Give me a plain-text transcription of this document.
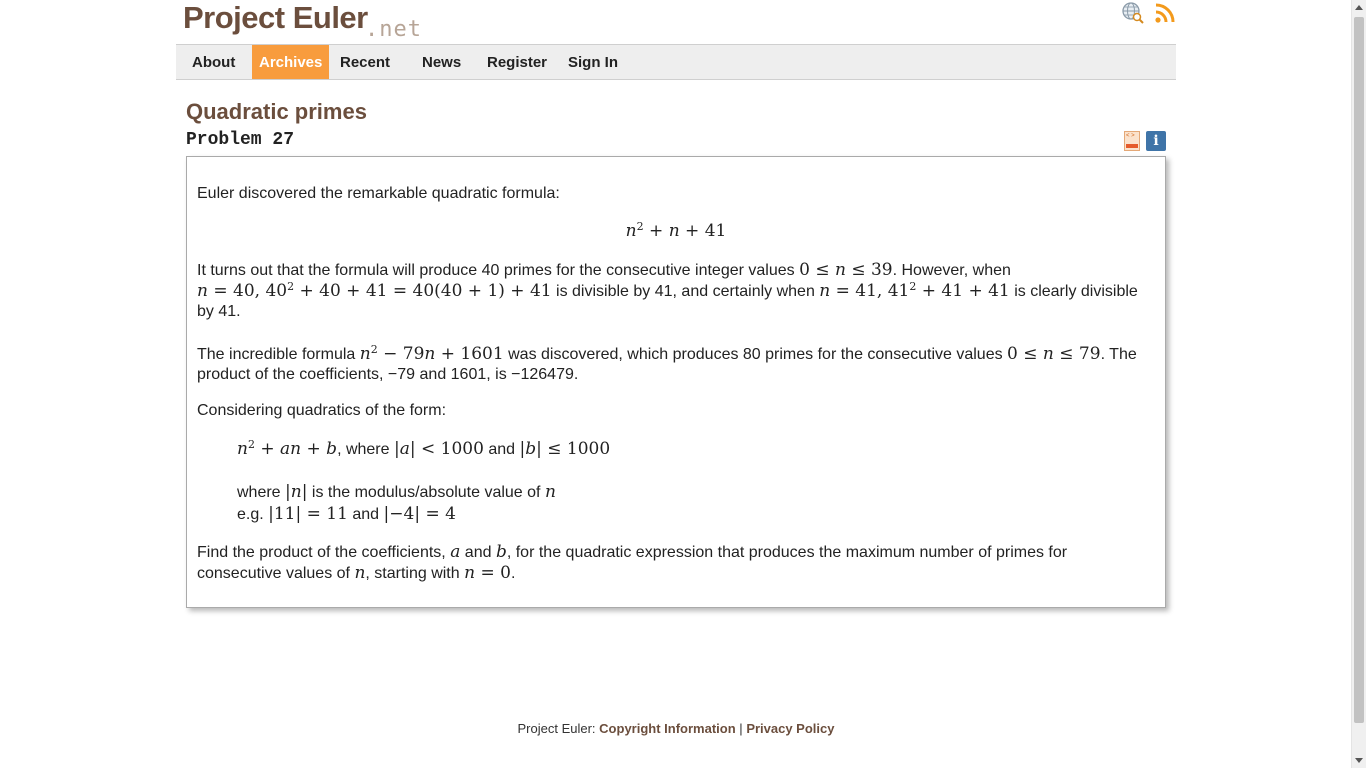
Project Euler
.net
About	Archives	Recent	News	Register	Sign In
Quadratic primes
Problem 27
< >	i

Euler discovered the remarkable quadratic formula:

$n^2 + n + 41$

It turns out that the formula will produce 40 primes for the consecutive integer values 0 ≤ n ≤ 39. However, when
n = 40, $40^2 + 40 + 41 = 40(40 + 1) + 41$ is divisible by 41, and certainly when n = 41, $41^2 + 41 + 41$ is clearly divisible by 41.

The incredible formula $n^2 - 79n + 1601$ was discovered, which produces 80 primes for the consecutive values 0 ≤ n ≤ 79. The product of the coefficients, −79 and 1601, is −126479.

Considering quadratics of the form:

$n^2$ + an + b, where |a| < 1000 and |b| ≤ 1000

where |n| is the modulus/absolute value of n

e.g. |11| = 11 and |−4| = 4

Find the product of the coefficients, a and b, for the quadratic expression that produces the maximum number of primes for consecutive values of n, starting with n = 0.

Project Euler: Copyright Information | Privacy Policy
